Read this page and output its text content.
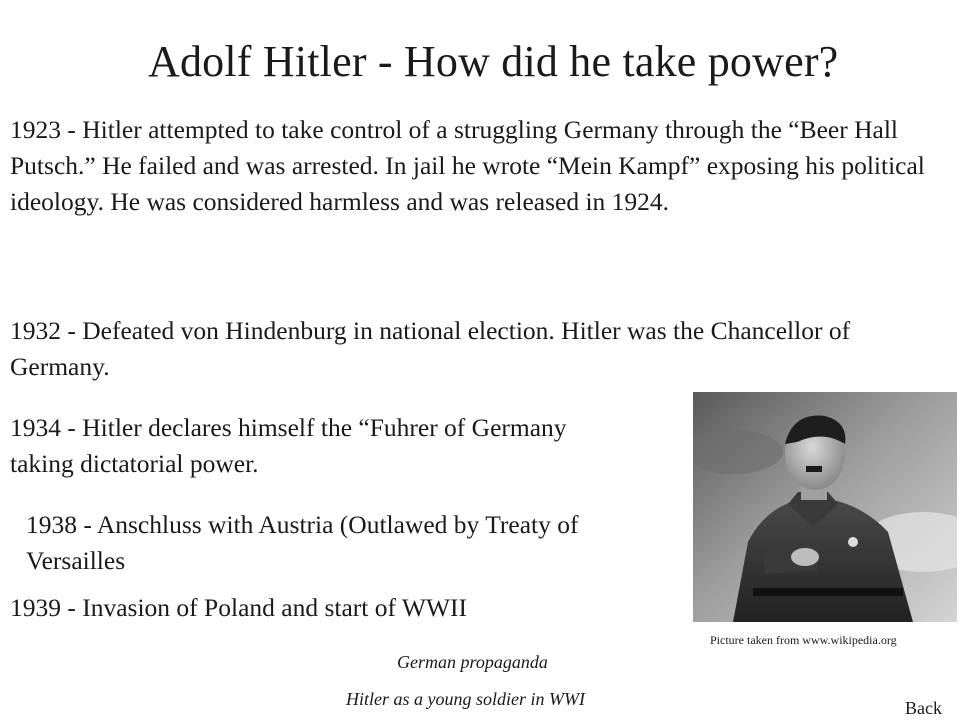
Adolf Hitler - How did he take power?

1923 - Hitler attempted to take control of a struggling Germany through the “Beer Hall Putsch.” He failed and was arrested. In jail he wrote “Mein Kampf” exposing his political ideology. He was considered harmless and was released in 1924.

1932 - Defeated von Hindenburg in national election. Hitler was the Chancellor of Germany.

1934 - Hitler declares himself the “Fuhrer of Germany taking dictatorial power.

1938 - Anschluss with Austria (Outlawed by Treaty of Versailles

1939 - Invasion of Poland and start of WWII

Picture taken from www.wikipedia.org
German propaganda
Hitler as a young soldier in WWI	Back
